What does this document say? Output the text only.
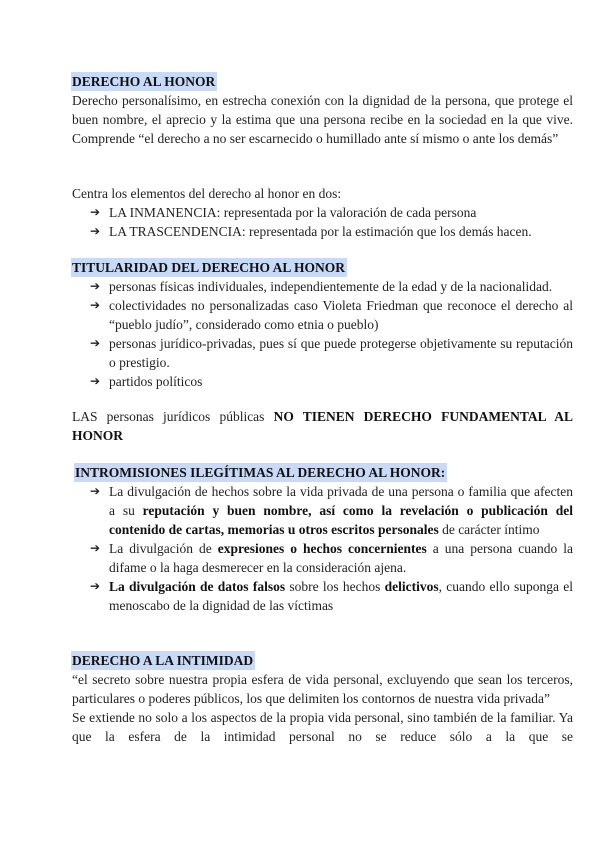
DERECHO AL HONOR
Derecho personalísimo, en estrecha conexión con la dignidad de la persona, que protege el buen nombre, el aprecio y la estima que una persona recibe en la sociedad en la que vive. Comprende “el derecho a no ser escarnecido o humillado ante sí mismo o ante los demás”
Centra los elementos del derecho al honor en dos:
➔ LA INMANENCIA: representada por la valoración de cada persona
➔ LA TRASCENDENCIA: representada por la estimación que los demás hacen.
TITULARIDAD DEL DERECHO AL HONOR
➔ personas físicas individuales, independientemente de la edad y de la nacionalidad.
➔ colectividades no personalizadas caso Violeta Friedman que reconoce el derecho al “pueblo judío”, considerado como etnia o pueblo)
➔ personas jurídico-privadas, pues sí que puede protegerse objetivamente su reputación o prestigio.
➔ partidos políticos
LAS personas jurídicos públicas NO TIENEN DERECHO FUNDAMENTAL AL HONOR
INTROMISIONES ILEGÍTIMAS AL DERECHO AL HONOR:
➔ La divulgación de hechos sobre la vida privada de una persona o familia que afecten a su reputación y buen nombre, así como la revelación o publicación del contenido de cartas, memorias u otros escritos personales de carácter íntimo
➔ La divulgación de expresiones o hechos concernientes a una persona cuando la difame o la haga desmerecer en la consideración ajena.
➔ La divulgación de datos falsos sobre los hechos delictivos, cuando ello suponga el menoscabo de la dignidad de las víctimas
DERECHO A LA INTIMIDAD
“el secreto sobre nuestra propia esfera de vida personal, excluyendo que sean los terceros, particulares o poderes públicos, los que delimiten los contornos de nuestra vida privada”
Se extiende no solo a los aspectos de la propia vida personal, sino también de la familiar. Ya que la esfera de la intimidad personal no se reduce sólo a la que se
